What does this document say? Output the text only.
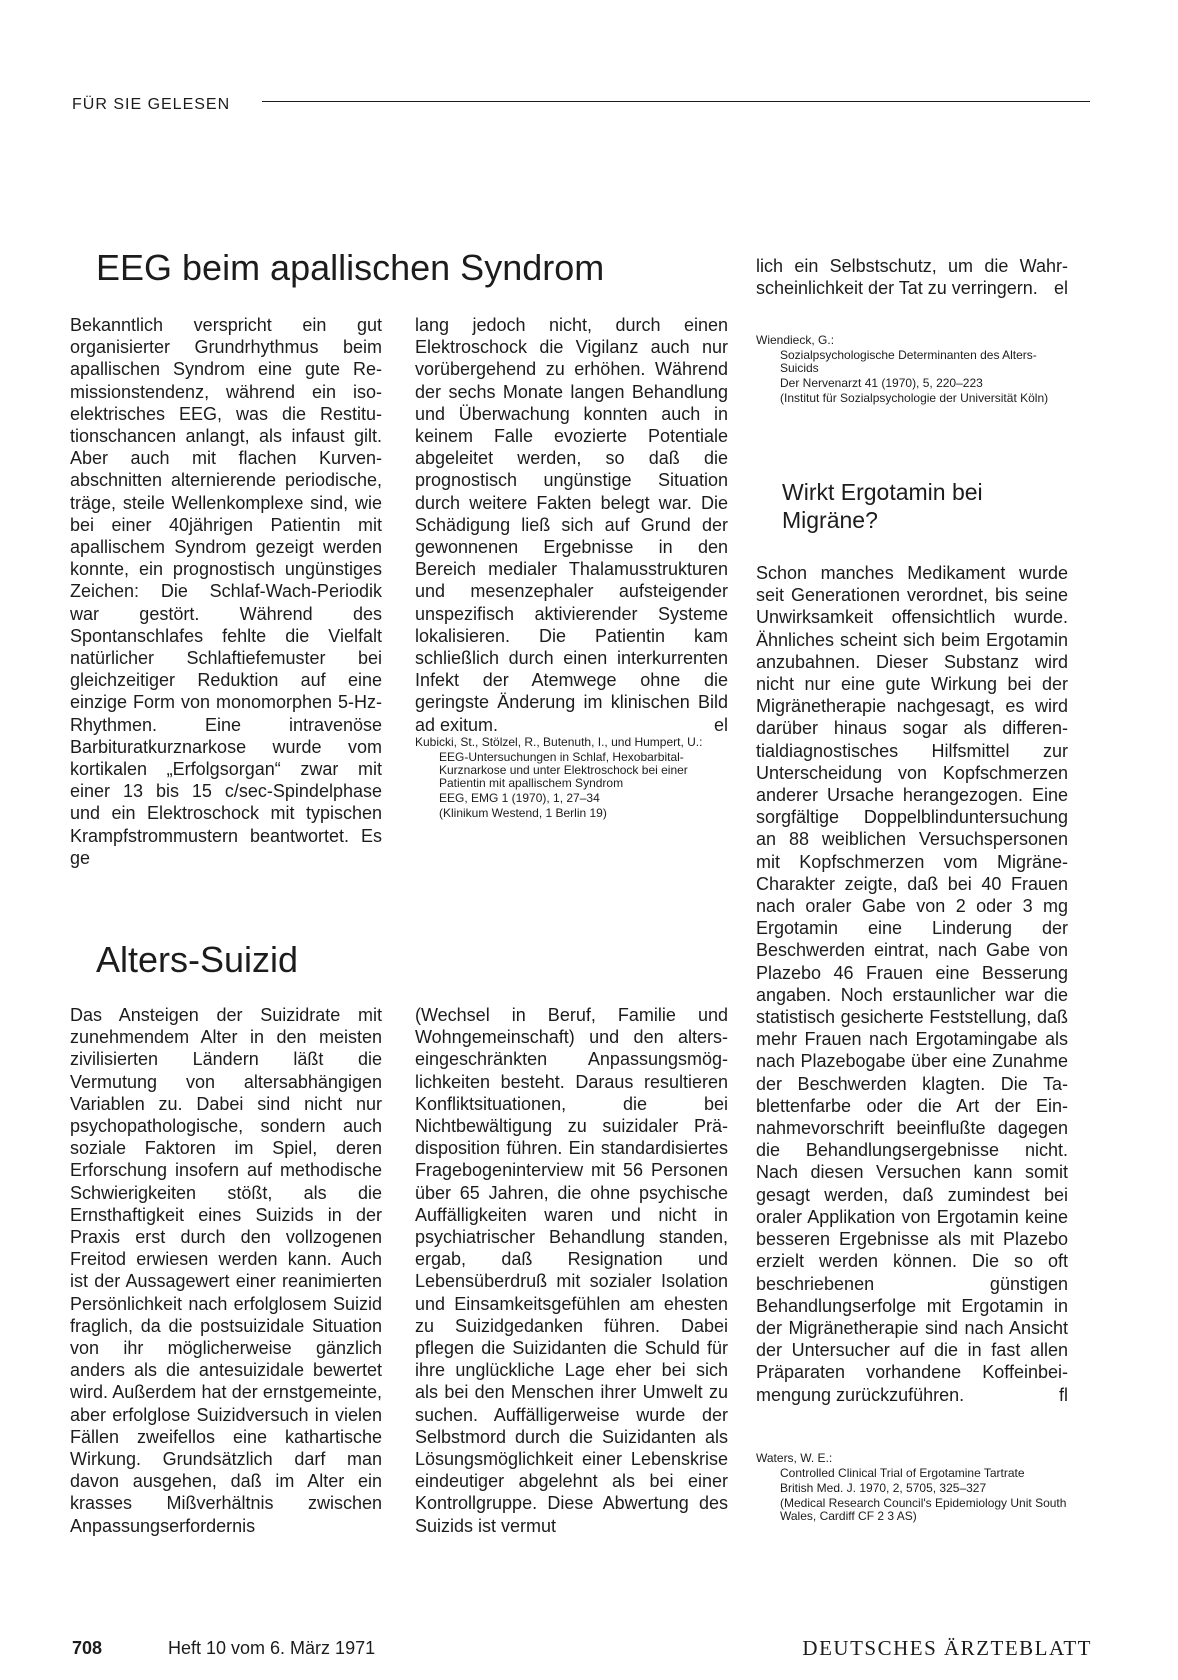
FÜR SIE GELESEN
EEG beim apallischen Syndrom
Bekanntlich verspricht ein gut organisierter Grundrhythmus beim apallischen Syndrom eine gute Remissionstendenz, während ein isoelektrisches EEG, was die Restitutionschancen anlangt, als infaust gilt. Aber auch mit flachen Kurvenabschnitten alternierende periodische, träge, steile Wellenkomplexe sind, wie bei einer 40jährigen Patientin mit apallischem Syndrom gezeigt werden konnte, ein prognostisch ungünstiges Zeichen: Die Schlaf-Wach-Periodik war gestört. Während des Spontanschlafes fehlte die Vielfalt natürlicher Schlaftiefemuster bei gleichzeitiger Reduktion auf eine einzige Form von monomorphen 5-Hz-Rhythmen. Eine intravenöse Barbituratkurznarkose wurde vom kortikalen „Erfolgsorgan“ zwar mit einer 13 bis 15 c/sec-Spindelphase und ein Elektroschock mit typischen Krampfstrommustern beantwortet. Es ge
lang jedoch nicht, durch einen Elektroschock die Vigilanz auch nur vorübergehend zu erhöhen. Während der sechs Monate langen Behandlung und Überwachung konnten auch in keinem Falle evozierte Potentiale abgeleitet werden, so daß die prognostisch ungünstige Situation durch weitere Fakten belegt war. Die Schädigung ließ sich auf Grund der gewonnenen Ergebnisse in den Bereich medialer Thalamusstrukturen und mesenzephaler aufsteigender unspezifisch aktivierender Systeme lokalisieren. Die Patientin kam schließlich durch einen interkurrenten Infekt der Atemwege ohne die geringste Änderung im klinischen Bild ad exitum.	el

Kubicki, St., Stölzel, R., Butenuth, I., und Humpert, U.:

EEG-Untersuchungen in Schlaf, Hexobarbital-Kurznarkose und unter Elektroschock bei einer Patientin mit apallischem Syndrom

EEG, EMG 1 (1970), 1, 27–34

(Klinikum Westend, 1 Berlin 19)

Alters-Suizid
Das Ansteigen der Suizidrate mit zunehmendem Alter in den meisten zivilisierten Ländern läßt die Vermutung von altersabhängigen Variablen zu. Dabei sind nicht nur psychopathologische, sondern auch soziale Faktoren im Spiel, deren Erforschung insofern auf methodische Schwierigkeiten stößt, als die Ernsthaftigkeit eines Suizids in der Praxis erst durch den vollzogenen Freitod erwiesen werden kann. Auch ist der Aussagewert einer reanimierten Persönlichkeit nach erfolglosem Suizid fraglich, da die postsuizidale Situation von ihr möglicherweise gänzlich anders als die antesuizidale bewertet wird. Außerdem hat der ernstgemeinte, aber erfolglose Suizidversuch in vielen Fällen zweifellos eine kathartische Wirkung. Grundsätzlich darf man davon ausgehen, daß im Alter ein krasses Mißverhältnis zwischen Anpassungserfordernis
(Wechsel in Beruf, Familie und Wohngemeinschaft) und den alterseingeschränkten Anpassungsmöglichkeiten besteht. Daraus resultieren Konfliktsituationen, die bei Nichtbewältigung zu suizidaler Prädisposition führen. Ein standardisiertes Fragebogeninterview mit 56 Personen über 65 Jahren, die ohne psychische Auffälligkeiten waren und nicht in psychiatrischer Behandlung standen, ergab, daß Resignation und Lebensüberdruß mit sozialer Isolation und Einsamkeitsgefühlen am ehesten zu Suizidgedanken führen. Dabei pflegen die Suizidanten die Schuld für ihre unglückliche Lage eher bei sich als bei den Menschen ihrer Umwelt zu suchen. Auffälligerweise wurde der Selbstmord durch die Suizidanten als Lösungsmöglichkeit einer Lebenskrise eindeutiger abgelehnt als bei einer Kontrollgruppe. Diese Abwertung des Suizids ist vermut
lich ein Selbstschutz, um die Wahrscheinlichkeit der Tat zu verringern. el

Wiendieck, G.:

Sozialpsychologische Determinanten des Alters-Suicids

Der Nervenarzt 41 (1970), 5, 220–223

(Institut für Sozialpsychologie der Universität Köln)

Wirkt Ergotamin bei Migräne?
Schon manches Medikament wurde seit Generationen verordnet, bis seine Unwirksamkeit offensichtlich wurde. Ähnliches scheint sich beim Ergotamin anzubahnen. Dieser Substanz wird nicht nur eine gute Wirkung bei der Migränetherapie nachgesagt, es wird darüber hinaus sogar als differentialdiagnostisches Hilfsmittel zur Unterscheidung von Kopfschmerzen anderer Ursache herangezogen. Eine sorgfältige Doppelblinduntersuchung an 88 weiblichen Versuchspersonen mit Kopfschmerzen vom Migräne-Charakter zeigte, daß bei 40 Frauen nach oraler Gabe von 2 oder 3 mg Ergotamin eine Linderung der Beschwerden eintrat, nach Gabe von Plazebo 46 Frauen eine Besserung angaben. Noch erstaunlicher war die statistisch gesicherte Feststellung, daß mehr Frauen nach Ergotamingabe als nach Plazebogabe über eine Zunahme der Beschwerden klagten. Die Tablettenfarbe oder die Art der Einnahmevorschrift beeinflußte dagegen die Behandlungsergebnisse nicht. Nach diesen Versuchen kann somit gesagt werden, daß zumindest bei oraler Applikation von Ergotamin keine besseren Ergebnisse als mit Plazebo erzielt werden können. Die so oft beschriebenen günstigen Behandlungserfolge mit Ergotamin in der Migränetherapie sind nach Ansicht der Untersucher auf die in fast allen Präparaten vorhandene Koffeinbeimengung zurückzuführen.	fl

Waters, W. E.:

Controlled Clinical Trial of Ergotamine Tartrate

British Med. J. 1970, 2, 5705, 325–327

(Medical Research Council's Epidemiology Unit South Wales, Cardiff CF 2 3 AS)

708	Heft 10 vom 6. März 1971	DEUTSCHES ÄRZTEBLATT
